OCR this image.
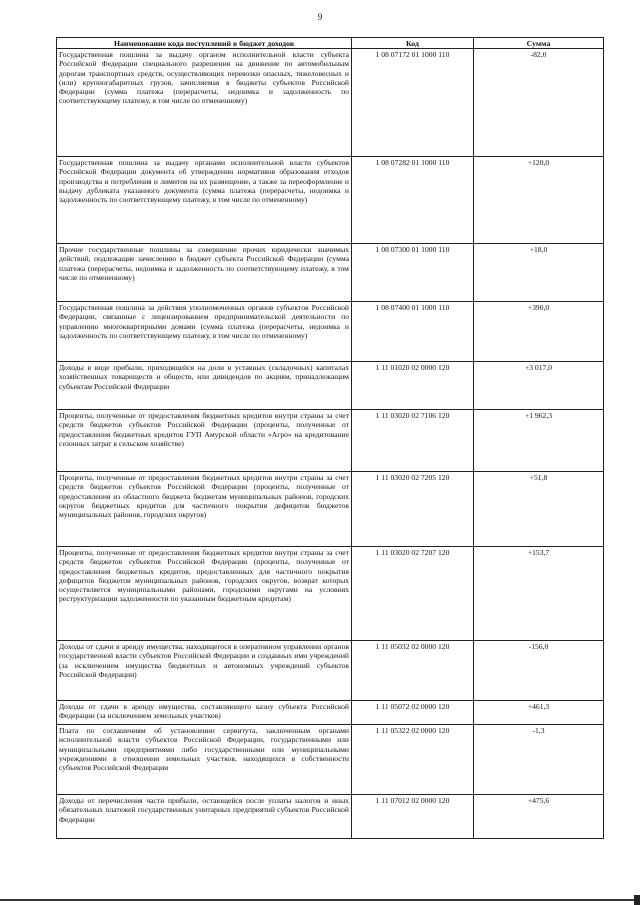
9
Наименование кода поступлений в бюджет доходов	Код	Сумма
Государственная пошлина за выдачу органом исполнительной власти субъекта Российской Федерации специального разрешения на движение по автомобильным дорогам транспортных средств, осуществляющих перевозки опасных, тяжеловесных и (или) крупногабаритных грузов, зачисляемая в бюджеты субъектов Российской Федерации (сумма платежа (перерасчеты, недоимка и задолженность по соответствующему платежу, в том числе по отмененному)	1 08 07172 01 1000 110	-82,0
Государственная пошлина за выдачу органами исполнительной власти субъектов Российской Федерации документа об утверждении нормативов образования отходов производства и потребления и лимитов на их размещение, а также за переоформление и выдачу дубликата указанного документа (сумма платежа (перерасчеты, недоимка и задолженность по соответствующему платежу, в том числе по отмененному)	1 08 07282 01 1000 110	+120,0
Прочие государственные пошлины за совершение прочих юридически значимых действий, подлежащие зачислению в бюджет субъекта Российской Федерации (сумма платежа (перерасчеты, недоимка и задолженность по соответствующему платежу, в том числе по отмененному)	1 08 07300 01 1000 110	+18,0
Государственная пошлина за действия уполномоченных органов субъектов Российской Федерации, связанные с лицензированием предпринимательской деятельности по управлению многоквартирными домами (сумма платежа (перерасчеты, недоимка и задолженность по соответствующему платежу, в том числе по отмененному)	1 08 07400 01 1000 110	+390,0
Доходы в виде прибыли, приходящейся на доли в уставных (складочных) капиталах хозяйственных товариществ и обществ, или дивидендов по акциям, принадлежащим субъектам Российской Федерации	1 11 01020 02 0000 120	+3 017,0
Проценты, полученные от предоставления бюджетных кредитов внутри страны за счет средств бюджетов субъектов Российской Федерации (проценты, полученные от предоставления бюджетных кредитов ГУП Амурской области «Агро» на кредитование сезонных затрат в сельском хозяйстве)	1 11 03020 02 7106 120	+1 962,3
Проценты, полученные от предоставления бюджетных кредитов внутри страны за счет средств бюджетов субъектов Российской Федерации (проценты, полученные от предоставления из областного бюджета бюджетам муниципальных районов, городских округов бюджетных кредитов для частичного покрытия дефицитов бюджетов муниципальных районов, городских округов)	1 11 03020 02 7205 120	+51,8
Проценты, полученные от предоставления бюджетных кредитов внутри страны за счет средств бюджетов субъектов Российской Федерации (проценты, полученные от предоставления бюджетных кредитов, предоставленных для частичного покрытия дефицитов бюджетов муниципальных районов, городских округов, возврат которых осуществляется муниципальными районами, городскими округами на условиях реструктуризации задолженности по указанным бюджетным кредитам)	1 11 03020 02 7207 120	+153,7
Доходы от сдачи в аренду имущества, находящегося в оперативном управлении органов государственной власти субъектов Российской Федерации и созданных ими учреждений (за исключением имущества бюджетных и автономных учреждений субъектов Российской Федерации)	1 11 05032 02 0000 120	-156,0
Доходы от сдачи в аренду имущества, составляющего казну субъекта Российской Федерации (за исключением земельных участков)	1 11 05072 02 0000 120	+461,3
Плата по соглашениям об установлении сервитута, заключенным органами исполнительной власти субъектов Российской Федерации, государственными или муниципальными предприятиями либо государственными или муниципальными учреждениями в отношении земельных участков, находящихся в собственности субъектов Российской Федерации	1 11 05322 02 0000 120	-1,3
Доходы от перечисления части прибыли, остающейся после уплаты налогов и иных обязательных платежей государственных унитарных предприятий субъектов Российской Федерации	1 11 07012 02 0000 120	+475,6
